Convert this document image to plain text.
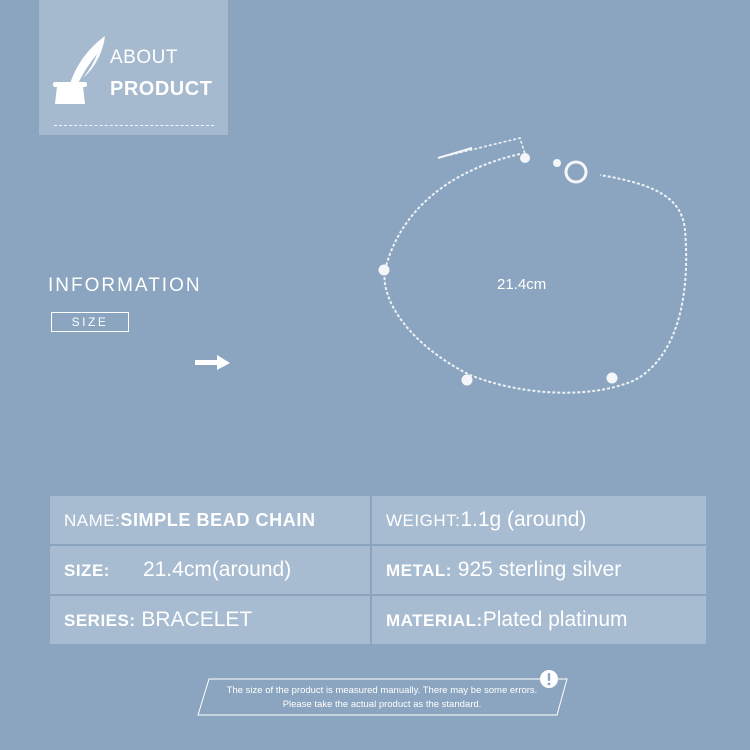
ABOUT
PRODUCT
INFORMATION
SIZE
21.4cm
NAME:SIMPLE BEAD CHAIN	WEIGHT:1.1g (around)
SIZE: 21.4cm(around)	METAL: 925 sterling silver
SERIES: BRACELET	MATERIAL:Plated platinum
The size of the product is measured manually. There may be some errors.
Please take the actual product as the standard.
